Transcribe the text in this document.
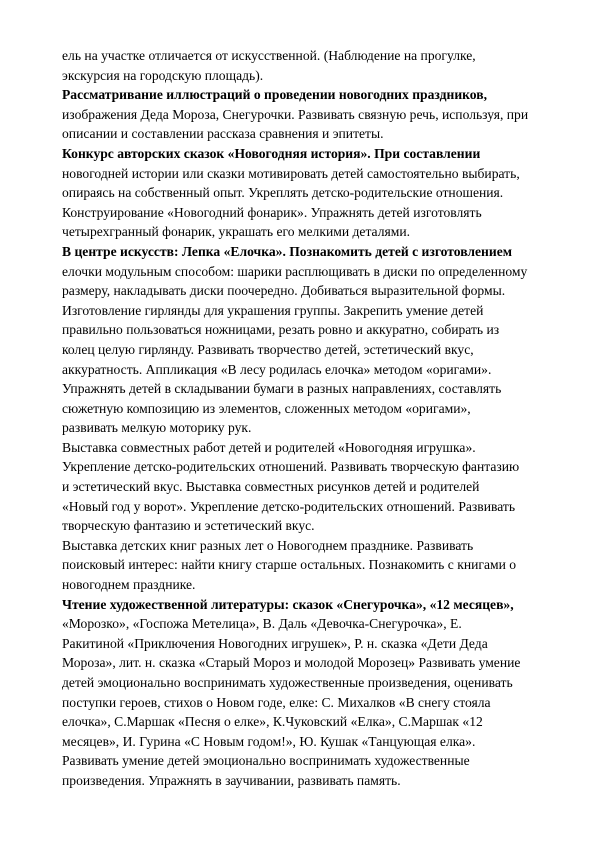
ель на участке отличается от искусственной. (Наблюдение на прогулке,
экскурсия на городскую площадь).
Рассматривание иллюстраций о проведении новогодних праздников,
изображения Деда Мороза, Снегурочки. Развивать связную речь, используя, при
описании и составлении рассказа сравнения и эпитеты.
Конкурс авторских сказок «Новогодняя история». При составлении
новогодней истории или сказки мотивировать детей самостоятельно выбирать,
опираясь на собственный опыт. Укреплять детско-родительские отношения.
Конструирование «Новогодний фонарик». Упражнять детей изготовлять
четырехгранный фонарик, украшать его мелкими деталями.
В центре искусств: Лепка «Елочка». Познакомить детей с изготовлением
елочки модульным способом: шарики расплющивать в диски по определенному
размеру, накладывать диски поочередно. Добиваться выразительной формы.
Изготовление гирлянды для украшения группы. Закрепить умение детей
правильно пользоваться ножницами, резать ровно и аккуратно, собирать из
колец целую гирлянду. Развивать творчество детей, эстетический вкус,
аккуратность. Аппликация «В лесу родилась елочка» методом «оригами».
Упражнять детей в складывании бумаги в разных направлениях, составлять
сюжетную композицию из элементов, сложенных методом «оригами»,
развивать мелкую моторику рук.
Выставка совместных работ детей и родителей «Новогодняя игрушка».
Укрепление детско-родительских отношений. Развивать творческую фантазию
и эстетический вкус. Выставка совместных рисунков детей и родителей
«Новый год у ворот». Укрепление детско-родительских отношений. Развивать
творческую фантазию и эстетический вкус.
Выставка детских книг разных лет о Новогоднем празднике. Развивать
поисковый интерес: найти книгу старше остальных. Познакомить с книгами о
новогоднем празднике.
Чтение художественной литературы: сказок «Снегурочка», «12 месяцев»,
«Морозко», «Госпожа Метелица», В. Даль «Девочка-Снегурочка», Е.
Ракитиной «Приключения Новогодних игрушек», Р. н. сказка «Дети Деда
Мороза», лит. н. сказка «Старый Мороз и молодой Морозец» Развивать умение
детей эмоционально воспринимать художественные произведения, оценивать
поступки героев, стихов о Новом годе, елке: С. Михалков «В снегу стояла
елочка», С.Маршак «Песня о елке», К.Чуковский «Елка», С.Маршак «12
месяцев», И. Гурина «С Новым годом!», Ю. Кушак «Танцующая елка».
Развивать умение детей эмоционально воспринимать художественные
произведения. Упражнять в заучивании, развивать память.
